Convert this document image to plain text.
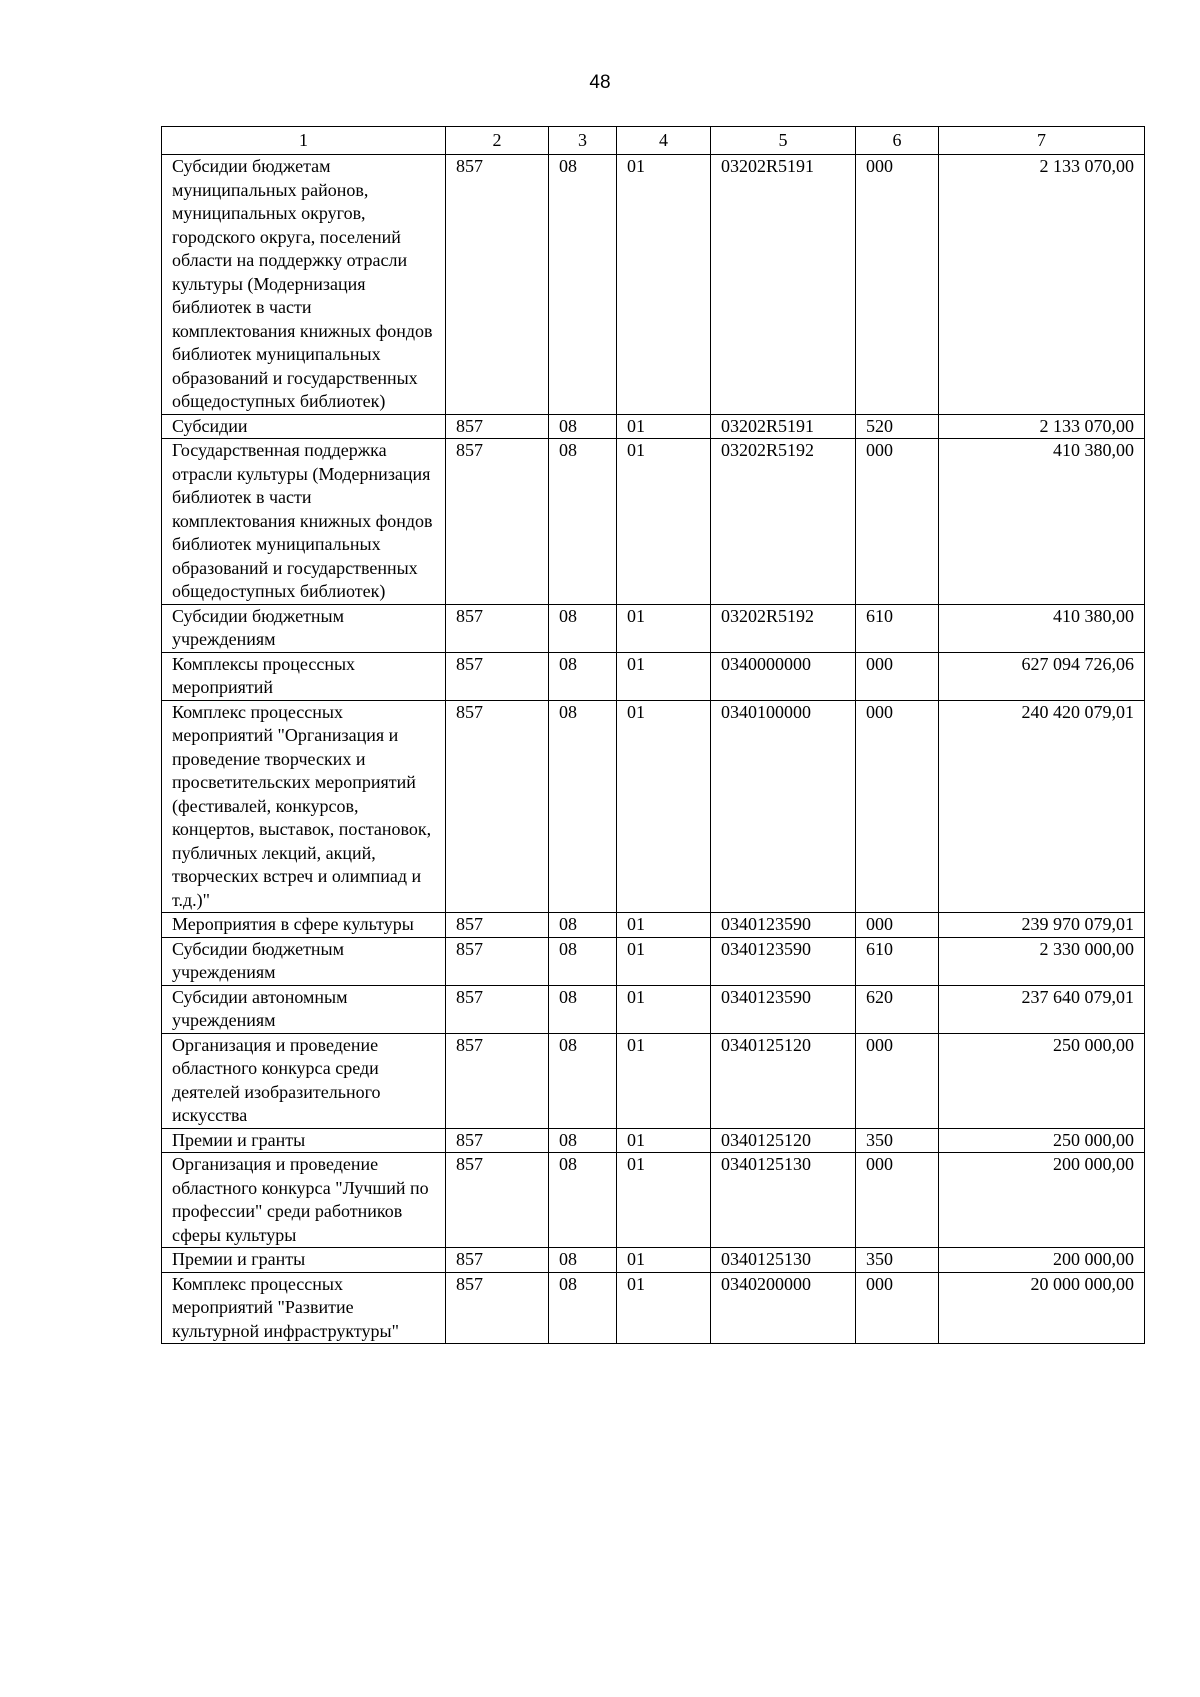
48
1	2	3	4	5	6	7
Субсидии бюджетам муниципальных районов, муниципальных округов, городского округа, поселений области на поддержку отрасли культуры (Модернизация библиотек в части комплектования книжных фондов библиотек муниципальных образований и государственных общедоступных библиотек)	857	08	01	03202R5191	000	2 133 070,00
Субсидии	857	08	01	03202R5191	520	2 133 070,00
Государственная поддержка отрасли культуры (Модернизация библиотек в части комплектования книжных фондов библиотек муниципальных образований и государственных общедоступных библиотек)	857	08	01	03202R5192	000	410 380,00
Субсидии бюджетным учреждениям	857	08	01	03202R5192	610	410 380,00
Комплексы процессных мероприятий	857	08	01	0340000000	000	627 094 726,06
Комплекс процессных мероприятий "Организация и проведение творческих и просветительских мероприятий (фестивалей, конкурсов, концертов, выставок, постановок, публичных лекций, акций, творческих встреч и олимпиад и т.д.)"	857	08	01	0340100000	000	240 420 079,01
Мероприятия в сфере культуры	857	08	01	0340123590	000	239 970 079,01
Субсидии бюджетным учреждениям	857	08	01	0340123590	610	2 330 000,00
Субсидии автономным учреждениям	857	08	01	0340123590	620	237 640 079,01
Организация и проведение областного конкурса среди деятелей изобразительного искусства	857	08	01	0340125120	000	250 000,00
Премии и гранты	857	08	01	0340125120	350	250 000,00
Организация и проведение областного конкурса "Лучший по профессии" среди работников сферы культуры	857	08	01	0340125130	000	200 000,00
Премии и гранты	857	08	01	0340125130	350	200 000,00
Комплекс процессных мероприятий "Развитие культурной инфраструктуры"	857	08	01	0340200000	000	20 000 000,00
